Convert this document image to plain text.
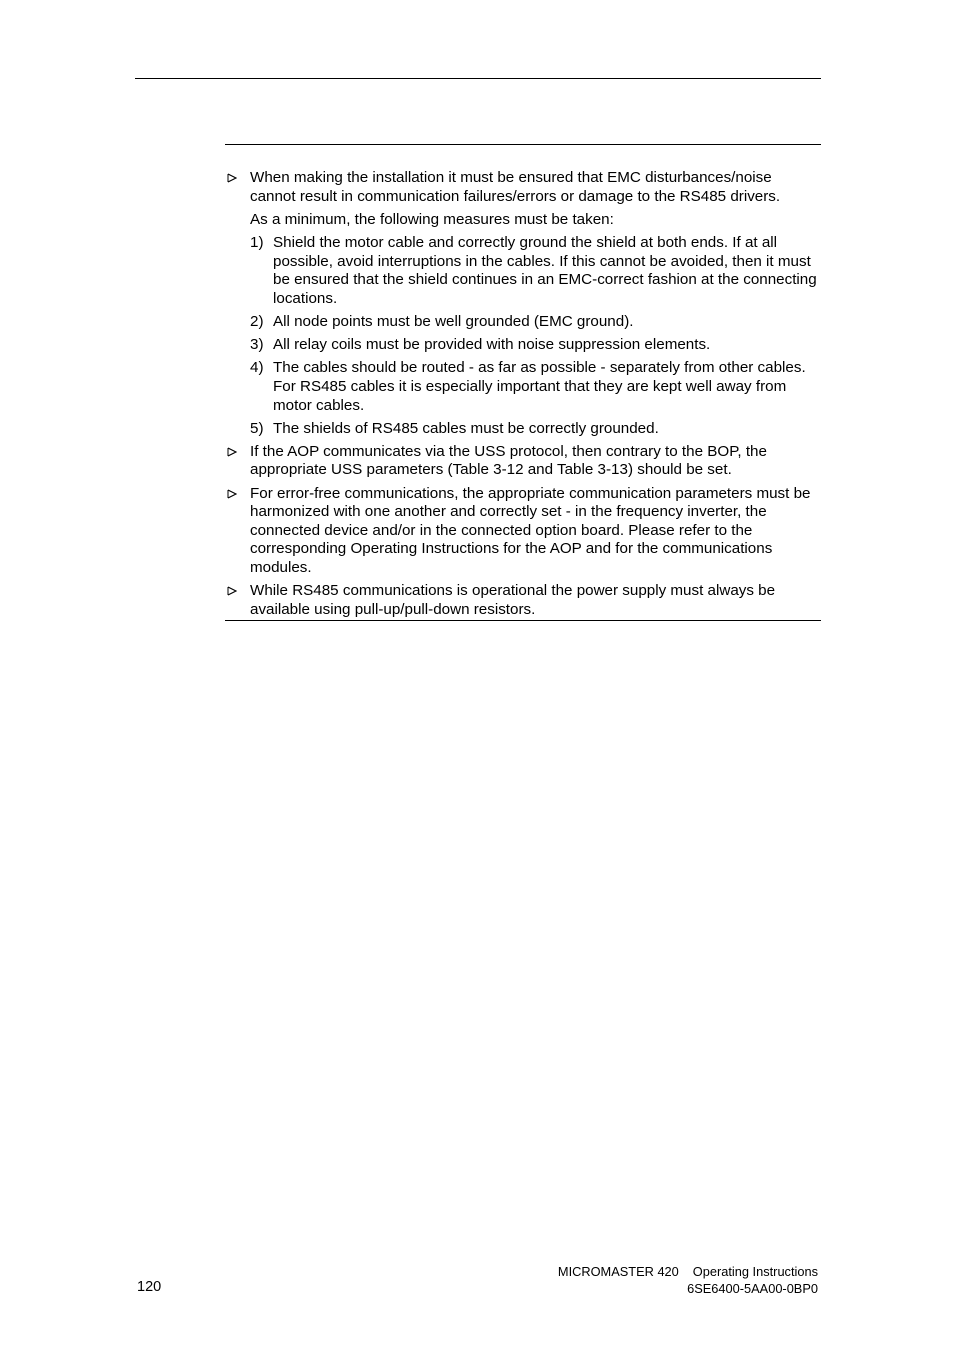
When making the installation it must be ensured that EMC disturbances/noise cannot result in communication failures/errors or damage to the RS485 drivers.

As a minimum, the following measures must be taken:

1) Shield the motor cable and correctly ground the shield at both ends. If at all possible, avoid interruptions in the cables. If this cannot be avoided, then it must be ensured that the shield continues in an EMC-correct fashion at the connecting locations.
2) All node points must be well grounded (EMC ground).
3) All relay coils must be provided with noise suppression elements.
4) The cables should be routed - as far as possible - separately from other cables. For RS485 cables it is especially important that they are kept well away from motor cables.
5) The shields of RS485 cables must be correctly grounded.
If the AOP communicates via the USS protocol, then contrary to the BOP, the appropriate USS parameters (Table 3-12 and Table 3-13) should be set.
For error-free communications, the appropriate communication parameters must be harmonized with one another and correctly set - in the frequency inverter, the connected device and/or in the connected option board. Please refer to the corresponding Operating Instructions for the AOP and for the communications modules.
While RS485 communications is operational the power supply must always be available using pull-up/pull-down resistors.
120
MICROMASTER 420 Operating Instructions
6SE6400-5AA00-0BP0
